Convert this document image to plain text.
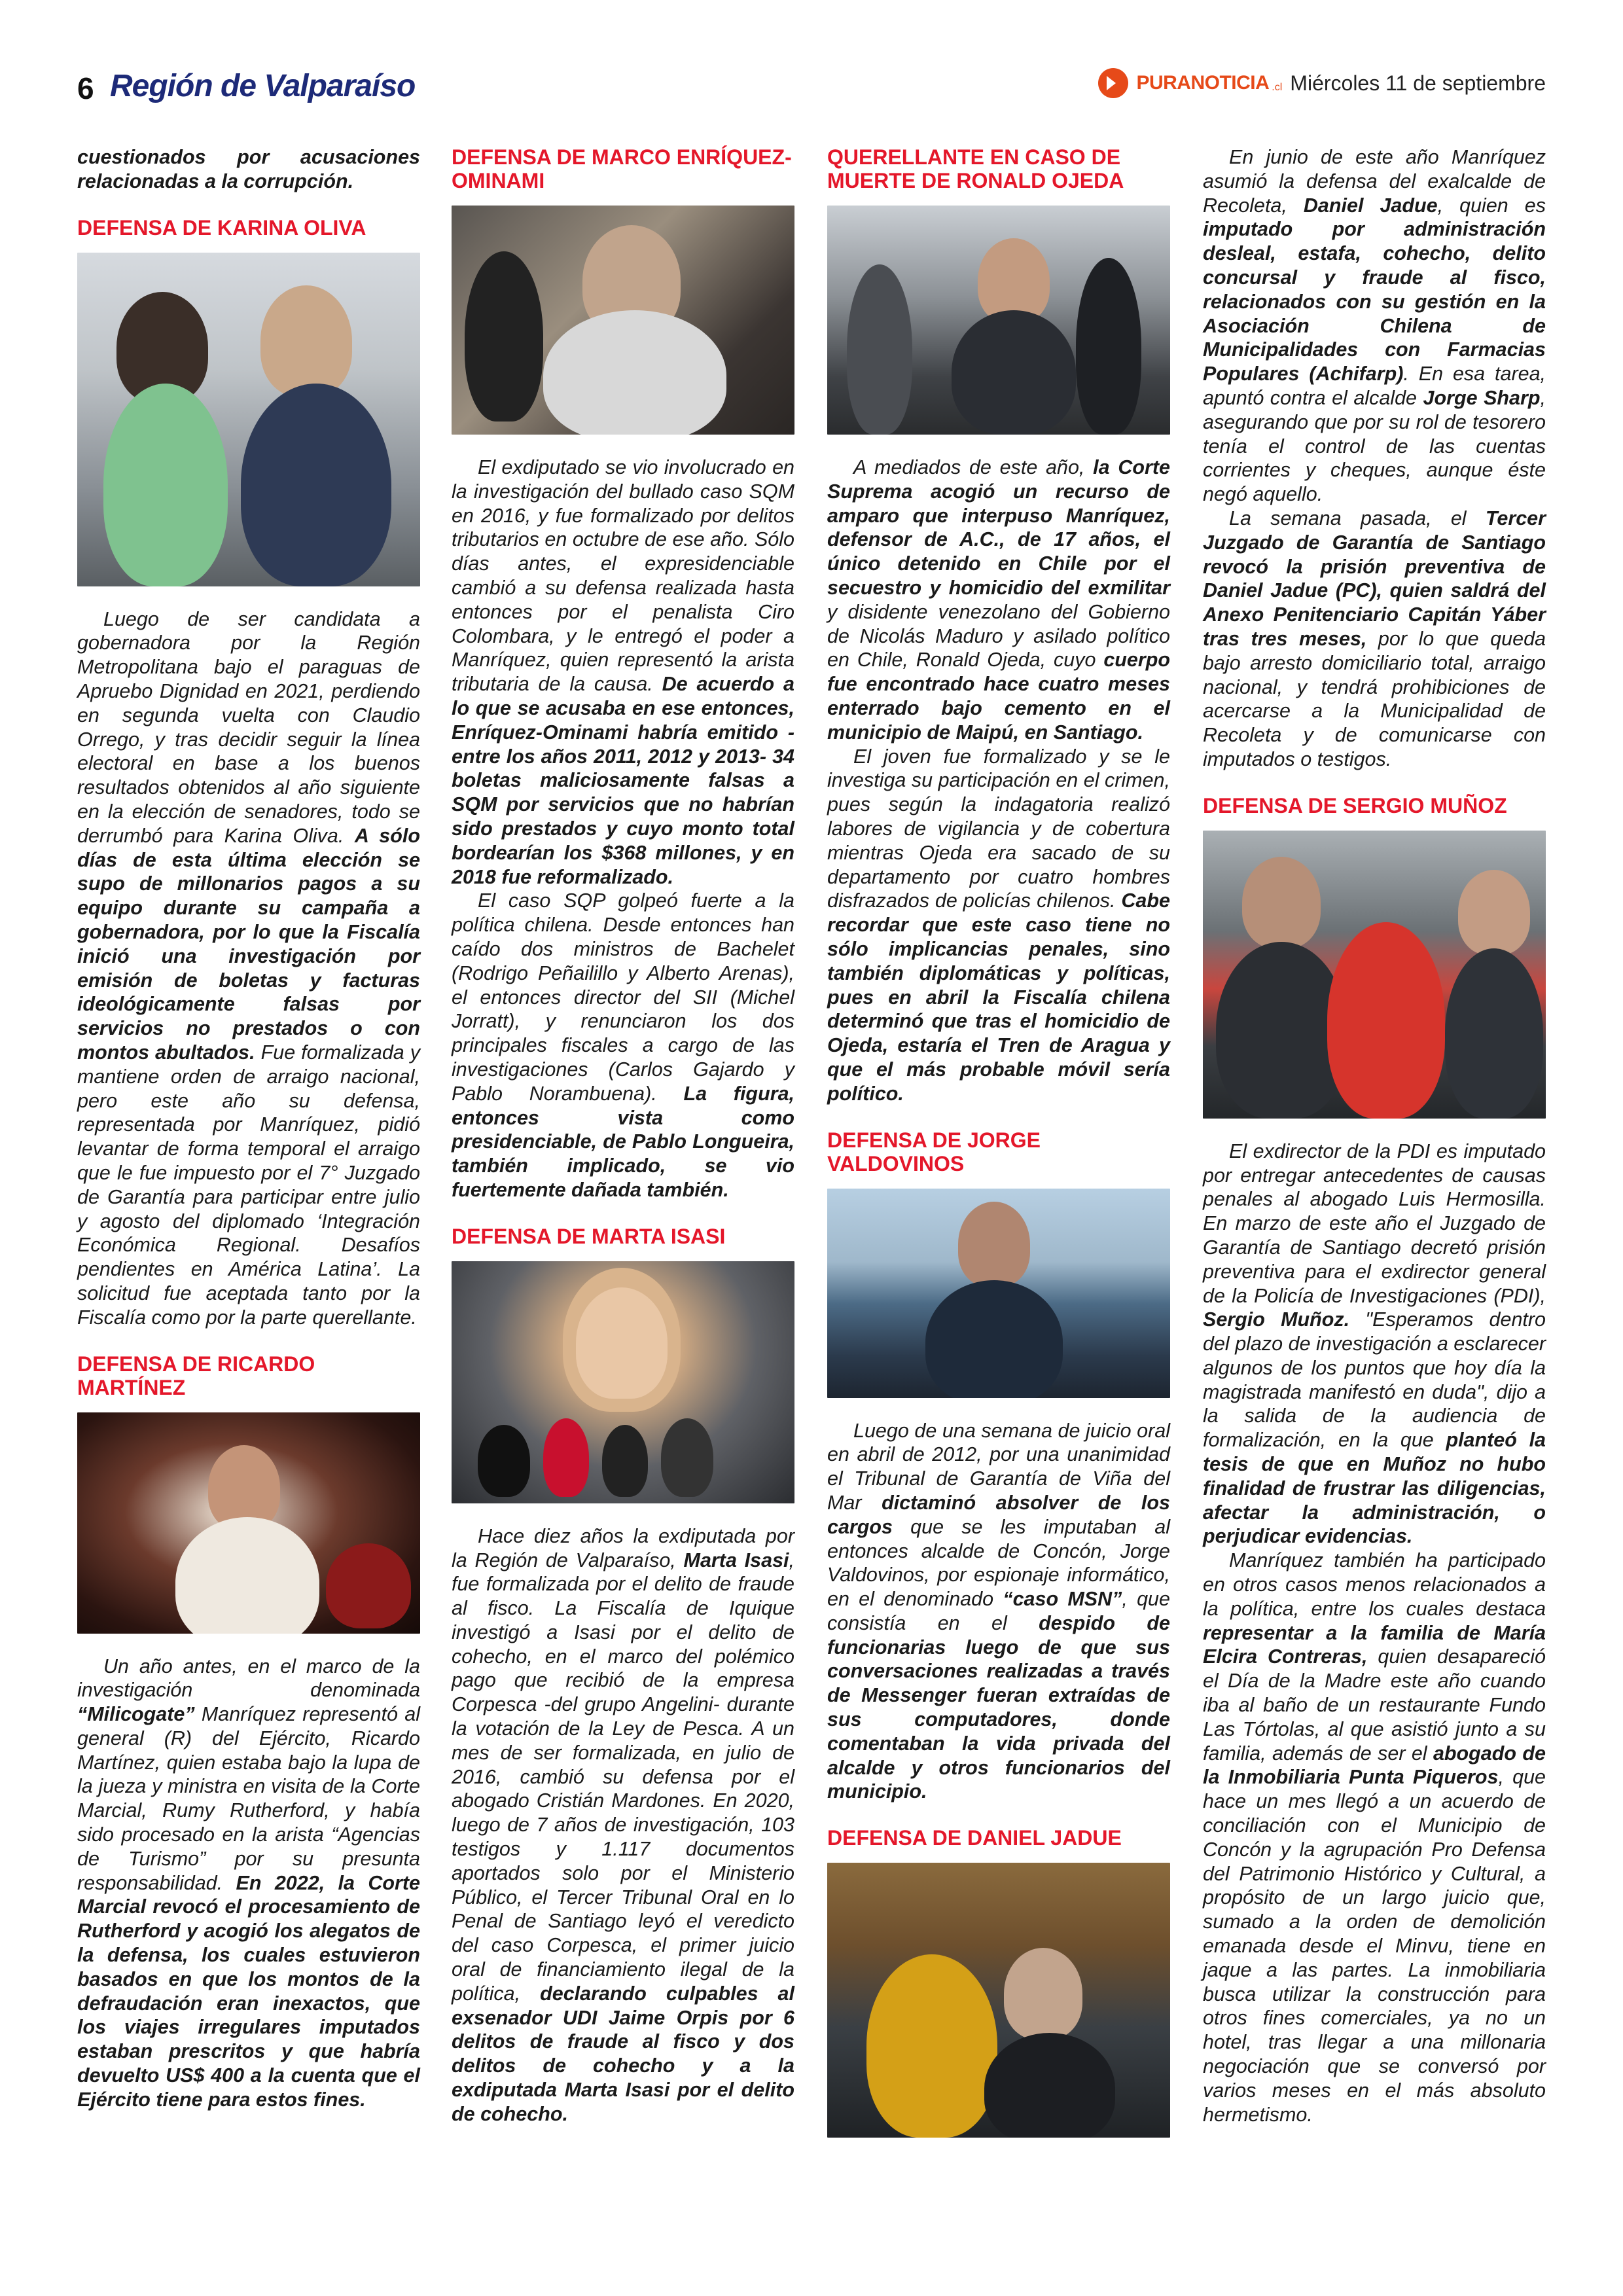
6 Región de Valparaíso	PURANOTICIA .cl Miércoles 11 de septiembre

cuestionados por acusaciones relacionadas a la corrupción.

DEFENSA DE KARINA OLIVA

Luego de ser candidata a gobernadora por la Región Metropolitana bajo el paraguas de Apruebo Dignidad en 2021, perdiendo en segunda vuelta con Claudio Orrego, y tras decidir seguir la línea electoral en base a los buenos resultados obtenidos al año siguiente en la elección de senadores, todo se derrumbó para Karina Oliva. A sólo días de esta última elección se supo de millonarios pagos a su equipo durante su campaña a gobernadora, por lo que la Fiscalía inició una investigación por emisión de boletas y facturas ideológicamente falsas por servicios no prestados o con montos abultados. Fue formalizada y mantiene orden de arraigo nacional, pero este año su defensa, representada por Manríquez, pidió levantar de forma temporal el arraigo que le fue impuesto por el 7° Juzgado de Garantía para participar entre julio y agosto del diplomado ‘Integración Económica Regional. Desafíos pendientes en América Latina’. La solicitud fue aceptada tanto por la Fiscalía como por la parte querellante.

DEFENSA DE RICARDO MARTÍNEZ

Un año antes, en el marco de la investigación denominada “Milicogate” Manríquez representó al general (R) del Ejército, Ricardo Martínez, quien estaba bajo la lupa de la jueza y ministra en visita de la Corte Marcial, Rumy Rutherford, y había sido procesado en la arista “Agencias de Turismo” por su presunta responsabilidad. En 2022, la Corte Marcial revocó el procesamiento de Rutherford y acogió los alegatos de la defensa, los cuales estuvieron basados en que los montos de la defraudación eran inexactos, que los viajes irregulares imputados estaban prescritos y que habría devuelto US$ 400 a la cuenta que el Ejército tiene para estos fines.

DEFENSA DE MARCO ENRÍQUEZ-OMINAMI

El exdiputado se vio involucrado en la investigación del bullado caso SQM en 2016, y fue formalizado por delitos tributarios en octubre de ese año. Sólo días antes, el expresidenciable cambió a su defensa realizada hasta entonces por el penalista Ciro Colombara, y le entregó el poder a Manríquez, quien representó la arista tributaria de la causa. De acuerdo a lo que se acusaba en ese entonces, Enríquez-Ominami habría emitido -entre los años 2011, 2012 y 2013- 34 boletas maliciosamente falsas a SQM por servicios que no habrían sido prestados y cuyo monto total bordearían los $368 millones, y en 2018 fue reformalizado.

El caso SQP golpeó fuerte a la política chilena. Desde entonces han caído dos ministros de Bachelet (Rodrigo Peñailillo y Alberto Arenas), el entonces director del SII (Michel Jorratt), y renunciaron los dos principales fiscales a cargo de las investigaciones (Carlos Gajardo y Pablo Norambuena). La figura, entonces vista como presidenciable, de Pablo Longueira, también implicado, se vio fuertemente dañada también.

DEFENSA DE MARTA ISASI

Hace diez años la exdiputada por la Región de Valparaíso, Marta Isasi, fue formalizada por el delito de fraude al fisco. La Fiscalía de Iquique investigó a Isasi por el delito de cohecho, en el marco del polémico pago que recibió de la empresa Corpesca -del grupo Angelini- durante la votación de la Ley de Pesca. A un mes de ser formalizada, en julio de 2016, cambió su defensa por el abogado Cristián Mardones. En 2020, luego de 7 años de investigación, 103 testigos y 1.117 documentos aportados solo por el Ministerio Público, el Tercer Tribunal Oral en lo Penal de Santiago leyó el veredicto del caso Corpesca, el primer juicio oral de financiamiento ilegal de la política, declarando culpables al exsenador UDI Jaime Orpis por 6 delitos de fraude al fisco y dos delitos de cohecho y a la exdiputada Marta Isasi por el delito de cohecho.

QUERELLANTE EN CASO DE MUERTE DE RONALD OJEDA

A mediados de este año, la Corte Suprema acogió un recurso de amparo que interpuso Manríquez, defensor de A.C., de 17 años, el único detenido en Chile por el secuestro y homicidio del exmilitar y disidente venezolano del Gobierno de Nicolás Maduro y asilado político en Chile, Ronald Ojeda, cuyo cuerpo fue encontrado hace cuatro meses enterrado bajo cemento en el municipio de Maipú, en Santiago.

El joven fue formalizado y se le investiga su participación en el crimen, pues según la indagatoria realizó labores de vigilancia y de cobertura mientras Ojeda era sacado de su departamento por cuatro hombres disfrazados de policías chilenos. Cabe recordar que este caso tiene no sólo implicancias penales, sino también diplomáticas y políticas, pues en abril la Fiscalía chilena determinó que tras el homicidio de Ojeda, estaría el Tren de Aragua y que el más probable móvil sería político.

DEFENSA DE JORGE VALDOVINOS

Luego de una semana de juicio oral en abril de 2012, por una unanimidad el Tribunal de Garantía de Viña del Mar dictaminó absolver de los cargos que se les imputaban al entonces alcalde de Concón, Jorge Valdovinos, por espionaje informático, en el denominado “caso MSN”, que consistía en el despido de funcionarias luego de que sus conversaciones realizadas a través de Messenger fueran extraídas de sus computadores, donde comentaban la vida privada del alcalde y otros funcionarios del municipio.

DEFENSA DE DANIEL JADUE

En junio de este año Manríquez asumió la defensa del exalcalde de Recoleta, Daniel Jadue, quien es imputado por administración desleal, estafa, cohecho, delito concursal y fraude al fisco, relacionados con su gestión en la Asociación Chilena de Municipalidades con Farmacias Populares (Achifarp). En esa tarea, apuntó contra el alcalde Jorge Sharp, asegurando que por su rol de tesorero tenía el control de las cuentas corrientes y cheques, aunque éste negó aquello.

La semana pasada, el Tercer Juzgado de Garantía de Santiago revocó la prisión preventiva de Daniel Jadue (PC), quien saldrá del Anexo Penitenciario Capitán Yáber tras tres meses, por lo que queda bajo arresto domiciliario total, arraigo nacional, y tendrá prohibiciones de acercarse a la Municipalidad de Recoleta y de comunicarse con imputados o testigos.

DEFENSA DE SERGIO MUÑOZ

El exdirector de la PDI es imputado por entregar antecedentes de causas penales al abogado Luis Hermosilla. En marzo de este año el Juzgado de Garantía de Santiago decretó prisión preventiva para el exdirector general de la Policía de Investigaciones (PDI), Sergio Muñoz. "Esperamos dentro del plazo de investigación a esclarecer algunos de los puntos que hoy día la magistrada manifestó en duda", dijo a la salida de la audiencia de formalización, en la que planteó la tesis de que en Muñoz no hubo finalidad de frustrar las diligencias, afectar la administración, o perjudicar evidencias.

Manríquez también ha participado en otros casos menos relacionados a la política, entre los cuales destaca representar a la familia de María Elcira Contreras, quien desapareció el Día de la Madre este año cuando iba al baño de un restaurante Fundo Las Tórtolas, al que asistió junto a su familia, además de ser el abogado de la Inmobiliaria Punta Piqueros, que hace un mes llegó a un acuerdo de conciliación con el Municipio de Concón y la agrupación Pro Defensa del Patrimonio Histórico y Cultural, a propósito de un largo juicio que, sumado a la orden de demolición emanada desde el Minvu, tiene en jaque a las partes. La inmobiliaria busca utilizar la construcción para otros fines comerciales, ya no un hotel, tras llegar a una millonaria negociación que se conversó por varios meses en el más absoluto hermetismo.
